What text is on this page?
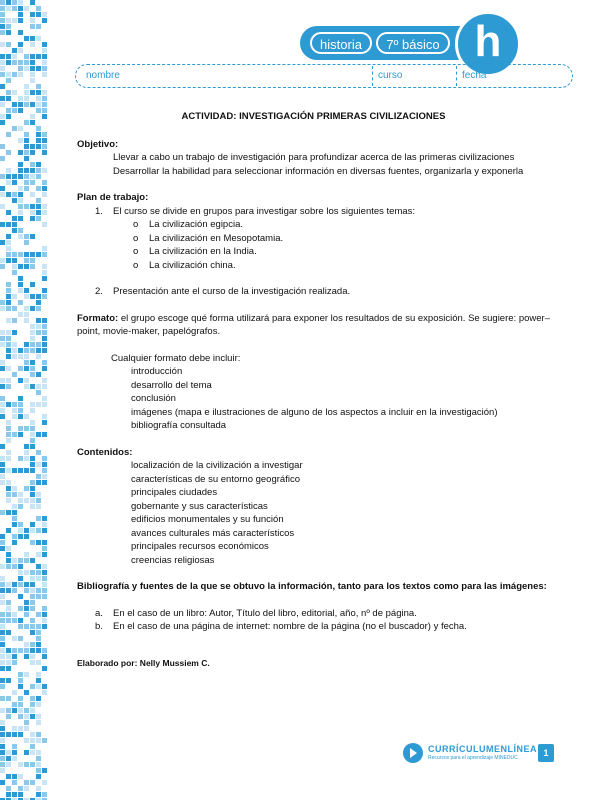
historia	7º básico h
nombre	curso	fecha

ACTIVIDAD: INVESTIGACIÓN PRIMERAS CIVILIZACIONES

Objetivo:

Llevar a cabo un trabajo de investigación para profundizar acerca de las primeras civilizaciones

Desarrollar la habilidad para seleccionar información en diversas fuentes, organizarla y exponerla

Plan de trabajo:

1.	El curso se divide en grupos para investigar sobre los siguientes temas:
o	La civilización egipcia.
o	La civilización en Mesopotamia.
o	La civilización en la India.
o	La civilización china.
2.	Presentación ante el curso de la investigación realizada.

Formato: el grupo escoge qué forma utilizará para exponer los resultados de su exposición. Se sugiere: power–point, movie-maker, papelógrafos.

Cualquier formato debe incluir:

introducción
desarrollo del tema
conclusión
imágenes (mapa e ilustraciones de alguno de los aspectos a incluir en la investigación)
bibliografía consultada

Contenidos:

localización de la civilización a investigar
características de su entorno geográfico
principales ciudades
gobernante y sus características
edificios monumentales y su función
avances culturales más característicos
principales recursos económicos
creencias religiosas

Bibliografía y fuentes de la que se obtuvo la información, tanto para los textos como para las imágenes:

a.	En el caso de un libro: Autor, Título del libro, editorial, año, nº de página.
b.	En el caso de una página de internet: nombre de la página (no el buscador) y fecha.

Elaborado por: Nelly Mussiem C.

CURRÍCULUMENLÍNEA
Recursos para el aprendizaje MINEDUC	1
